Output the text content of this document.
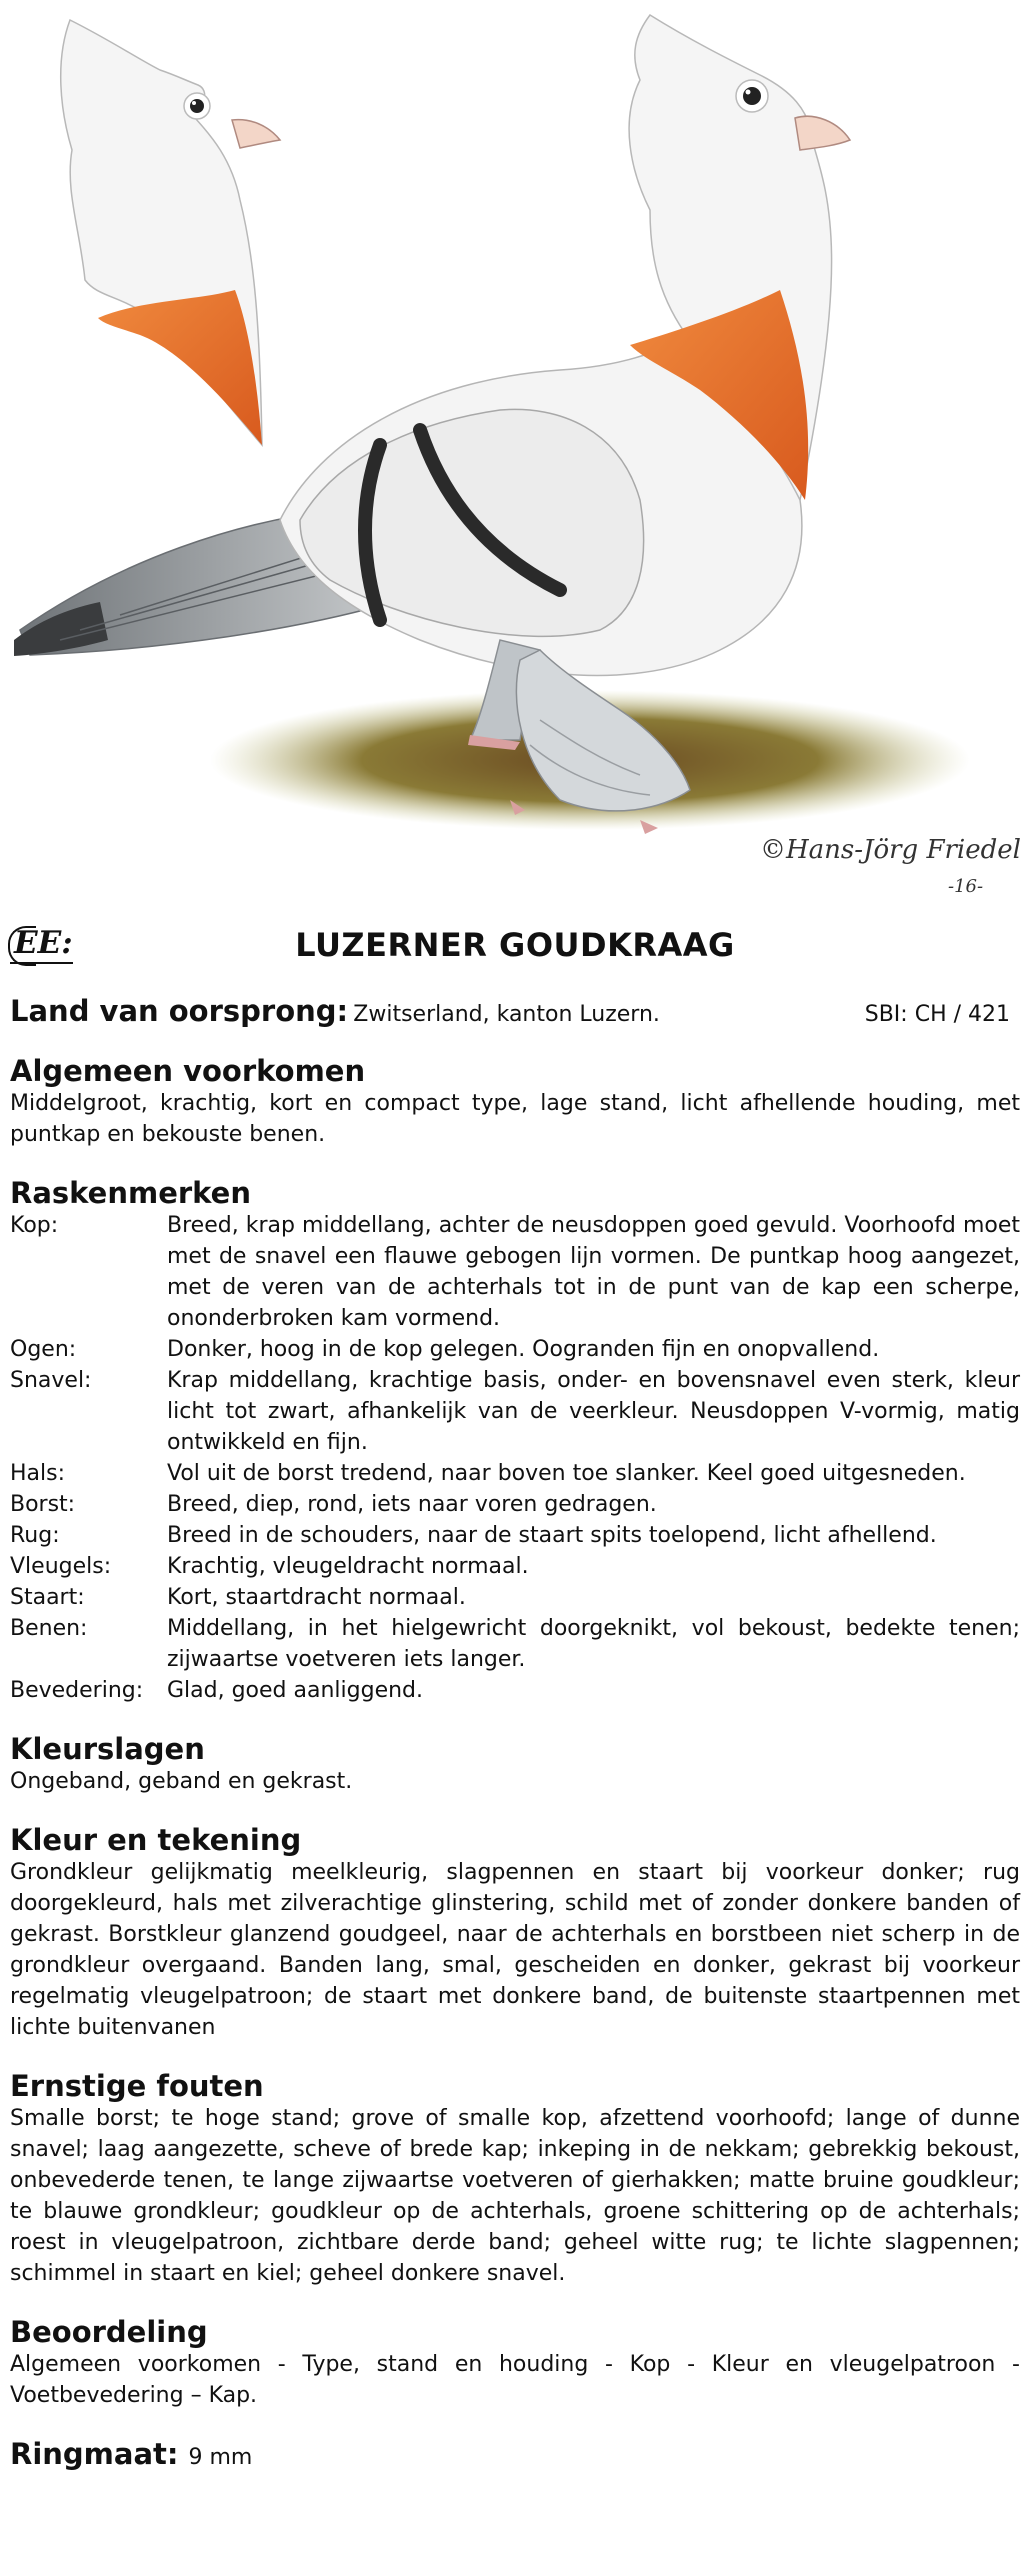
©Hans-Jörg Friedel
-16-
EE:	LUZERNER GOUDKRAAG
Land van oorsprong: Zwitserland, kanton Luzern.	SBI: CH / 421
Algemeen voorkomen
Middelgroot, krachtig, kort en compact type, lage stand, licht afhellende houding, met puntkap en bekouste benen.
Raskenmerken
Kop:	Breed, krap middellang, achter de neusdoppen goed gevuld. Voorhoofd moet met de snavel een flauwe gebogen lijn vormen. De puntkap hoog aangezet, met de veren van de achterhals tot in de punt van de kap een scherpe, ononderbroken kam vormend.
Ogen:	Donker, hoog in de kop gelegen. Oogranden fijn en onopvallend.
Snavel:	Krap middellang, krachtige basis, onder- en bovensnavel even sterk, kleur licht tot zwart, afhankelijk van de veerkleur. Neusdoppen V-vormig, matig ontwikkeld en fijn.
Hals:	Vol uit de borst tredend, naar boven toe slanker. Keel goed uitgesneden.
Borst:	Breed, diep, rond, iets naar voren gedragen.
Rug:	Breed in de schouders, naar de staart spits toelopend, licht afhellend.
Vleugels:	Krachtig, vleugeldracht normaal.
Staart:	Kort, staartdracht normaal.
Benen:	Middellang, in het hielgewricht doorgeknikt, vol bekoust, bedekte tenen; zijwaartse voetveren iets langer.
Bevedering:	Glad, goed aanliggend.
Kleurslagen
Ongeband, geband en gekrast.
Kleur en tekening
Grondkleur gelijkmatig meelkleurig, slagpennen en staart bij voorkeur donker; rug doorgekleurd, hals met zilverachtige glinstering, schild met of zonder donkere banden of gekrast. Borstkleur glanzend goudgeel, naar de achterhals en borstbeen niet scherp in de grondkleur overgaand. Banden lang, smal, gescheiden en donker, gekrast bij voorkeur regelmatig vleugelpatroon; de staart met donkere band, de buitenste staartpennen met lichte buitenvanen
Ernstige fouten
Smalle borst; te hoge stand; grove of smalle kop, afzettend voorhoofd; lange of dunne snavel; laag aangezette, scheve of brede kap; inkeping in de nekkam; gebrekkig bekoust, onbevederde tenen, te lange zijwaartse voetveren of gierhakken; matte bruine goudkleur; te blauwe grondkleur; goudkleur op de achterhals, groene schittering op de achterhals; roest in vleugelpatroon, zichtbare derde band; geheel witte rug; te lichte slagpennen; schimmel in staart en kiel; geheel donkere snavel.
Beoordeling
Algemeen voorkomen - Type, stand en houding - Kop - Kleur en vleugelpatroon - Voetbevedering – Kap.
Ringmaat: 9 mm
